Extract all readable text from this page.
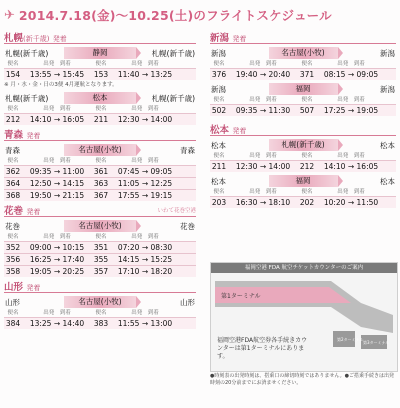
✈ 2014.7.18(金)〜10.25(土)のフライトスケジュール
札幌(新千歳) 発着
札幌(新千歳)	静岡	札幌(新千歳)
便名	出発　 到着	便名	出発　 到着
154	13:55 → 15:45	153	11:40 → 13:25
※ 月・水・金・日の3便 4月運航となります。
札幌(新千歳)	松本	札幌(新千歳)
便名	出発　 到着	便名	出発　 到着
212	14:10 → 16:05	211	12:30 → 14:00
青森 発着
青森	名古屋(小牧)	青森
便名	出発　 到着	便名	出発　 到着
362	09:35 → 11:00	361	07:45 → 09:05
364	12:50 → 14:15	363	11:05 → 12:25
368	19:50 → 21:15	367	17:55 → 19:15
花巻 発着	いわて花巻空港
花巻	名古屋(小牧)	花巻
便名	出発　 到着	便名	出発　 到着
352	09:00 → 10:15	351	07:20 → 08:30
356	16:25 → 17:40	355	14:15 → 15:25
358	19:05 → 20:25	357	17:10 → 18:20
山形 発着
山形	名古屋(小牧)	山形
便名	出発　 到着	便名	出発　 到着
384	13:25 → 14:40	383	11:55 → 13:00
新潟 発着
新潟	名古屋(小牧)	新潟
便名	出発　 到着	便名	出発　 到着
376	19:40 → 20:40	371	08:15 → 09:05
新潟	福岡	新潟
便名	出発　 到着	便名	出発　 到着
502	09:35 → 11:30	507	17:25 → 19:05
松本 発着
松本	札幌(新千歳)	松本
便名	出発　 到着	便名	出発　 到着
211	12:30 → 14:00	212	14:10 → 16:05
松本	福岡	松本
便名	出発　 到着	便名	出発　 到着
203	16:30 → 18:10	202	10:20 → 11:50
福岡空港 FDA 航空チケットカウンターのご案内
第1ターミナル
第2ターミナル
第3ターミナル
福岡空港FDA航空券各手続きカウンターは第1ターミナルにあります。
●時刻表の出発時刻は、搭乗口の締切時刻ではありません。●ご搭乗手続きは出発時刻の20分前までにお済ませください。
